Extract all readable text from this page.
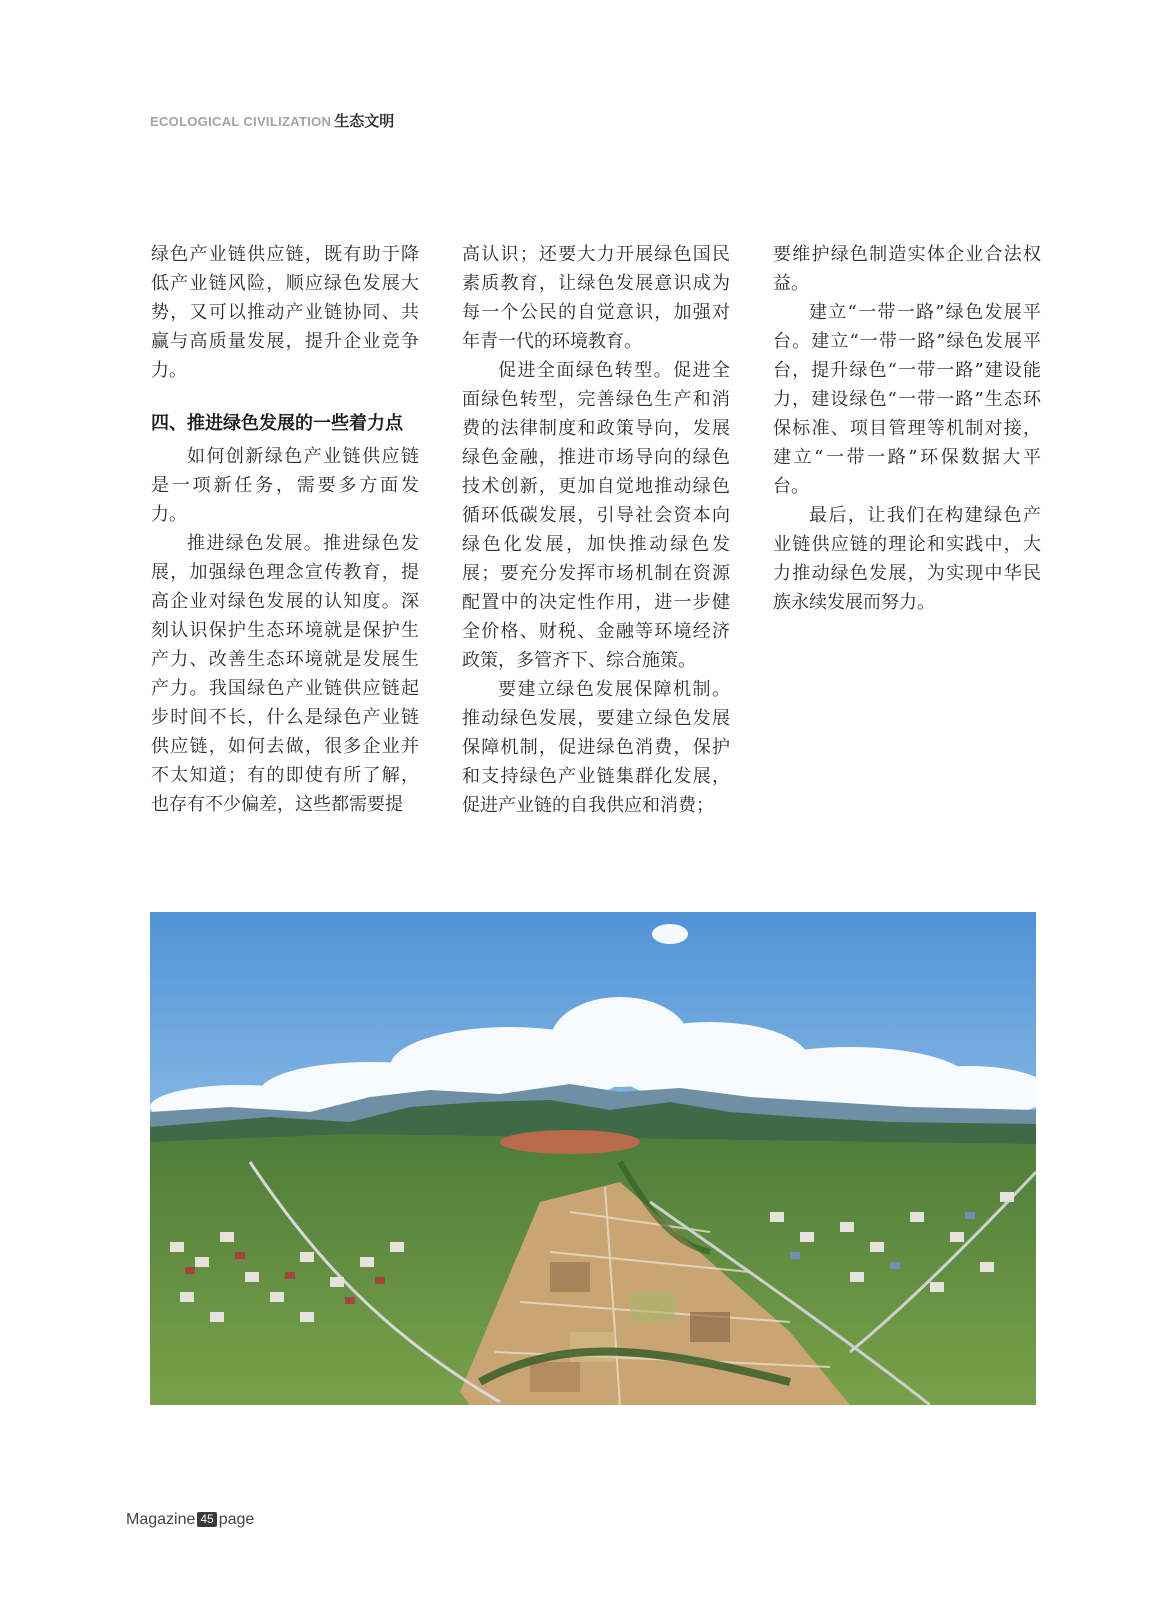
ECOLOGICAL CIVILIZATION 生态文明

绿色产业链供应链，既有助于降低产业链风险，顺应绿色发展大势，又可以推动产业链协同、共赢与高质量发展，提升企业竞争力。

四、推进绿色发展的一些着力点

如何创新绿色产业链供应链是一项新任务，需要多方面发力。

推进绿色发展。推进绿色发展，加强绿色理念宣传教育，提高企业对绿色发展的认知度。深刻认识保护生态环境就是保护生产力、改善生态环境就是发展生产力。我国绿色产业链供应链起步时间不长，什么是绿色产业链供应链，如何去做，很多企业并不太知道；有的即使有所了解，也存有不少偏差，这些都需要提

高认识；还要大力开展绿色国民素质教育，让绿色发展意识成为每一个公民的自觉意识，加强对年青一代的环境教育。

促进全面绿色转型。促进全面绿色转型，完善绿色生产和消费的法律制度和政策导向，发展绿色金融，推进市场导向的绿色技术创新，更加自觉地推动绿色循环低碳发展，引导社会资本向绿色化发展，加快推动绿色发展；要充分发挥市场机制在资源配置中的决定性作用，进一步健全价格、财税、金融等环境经济政策，多管齐下、综合施策。

要建立绿色发展保障机制。推动绿色发展，要建立绿色发展保障机制，促进绿色消费，保护和支持绿色产业链集群化发展，促进产业链的自我供应和消费；

要维护绿色制造实体企业合法权益。

建立“一带一路”绿色发展平台。建立“一带一路”绿色发展平台，提升绿色“一带一路”建设能力，建设绿色“一带一路”生态环保标准、项目管理等机制对接，建立“一带一路”环保数据大平台。

最后，让我们在构建绿色产业链供应链的理论和实践中，大力推动绿色发展，为实现中华民族永续发展而努力。

Magazine 45 page
